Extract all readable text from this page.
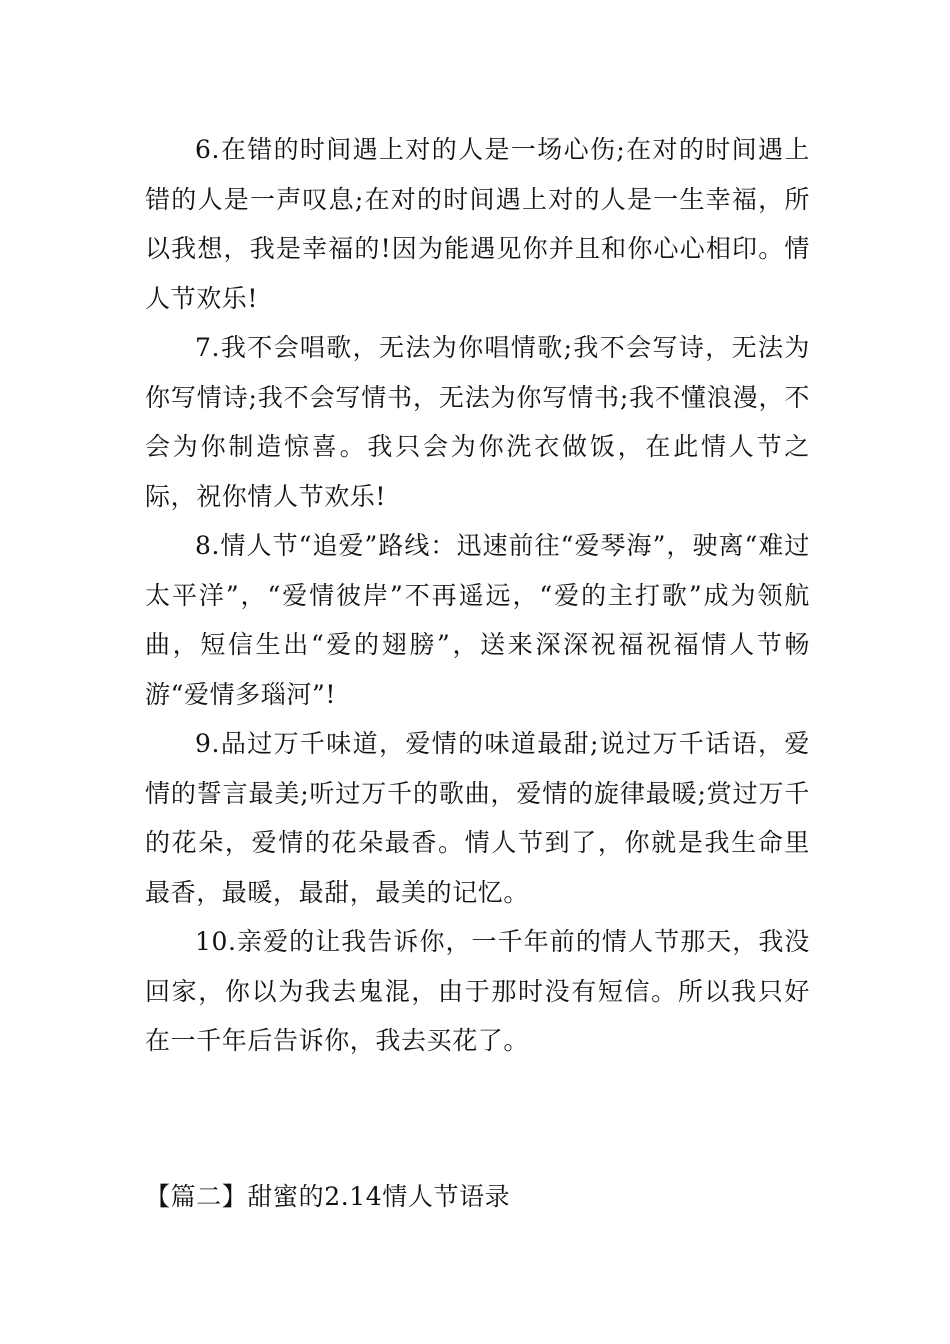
6.在错的时间遇上对的人是一场心伤;在对的时间遇上错的人是一声叹息;在对的时间遇上对的人是一生幸福，所以我想，我是幸福的!因为能遇见你并且和你心心相印。情人节欢乐!

7.我不会唱歌，无法为你唱情歌;我不会写诗，无法为你写情诗;我不会写情书，无法为你写情书;我不懂浪漫，不会为你制造惊喜。我只会为你洗衣做饭，在此情人节之际，祝你情人节欢乐!

8.情人节“追爱”路线：迅速前往“爱琴海”，驶离“难过太平洋”，“爱情彼岸”不再遥远，“爱的主打歌”成为领航曲，短信生出“爱的翅膀”，送来深深祝福祝福情人节畅游“爱情多瑙河”!

9.品过万千味道，爱情的味道最甜;说过万千话语，爱情的誓言最美;听过万千的歌曲，爱情的旋律最暖;赏过万千的花朵，爱情的花朵最香。情人节到了，你就是我生命里最香，最暖，最甜，最美的记忆。

10.亲爱的让我告诉你，一千年前的情人节那天，我没回家，你以为我去鬼混，由于那时没有短信。所以我只好在一千年后告诉你，我去买花了。

【篇二】甜蜜的2.14情人节语录
